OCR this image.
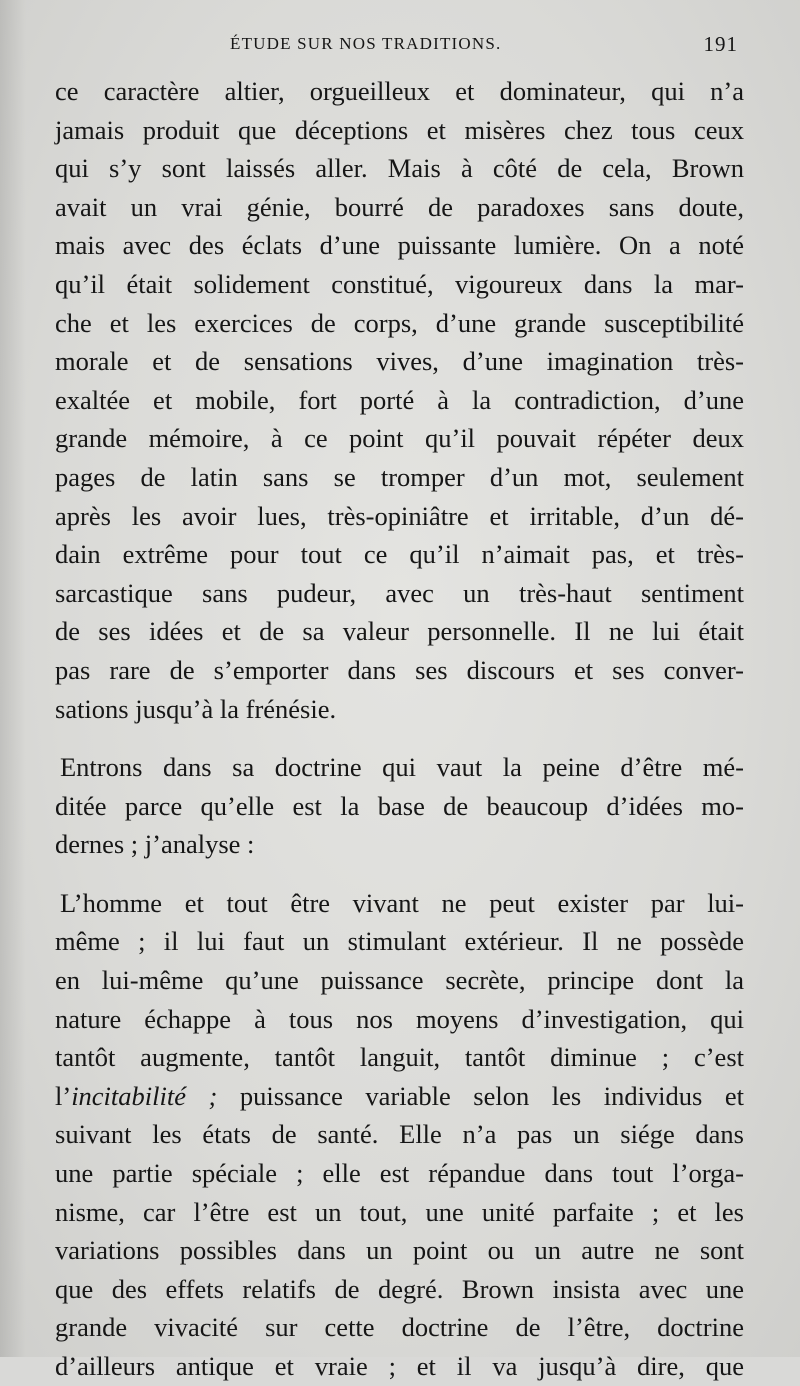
ÉTUDE SUR NOS TRADITIONS.	191
ce caractère altier, orgueilleux et dominateur, qui n’a
jamais produit que déceptions et misères chez tous ceux
qui s’y sont laissés aller. Mais à côté de cela, Brown
avait un vrai génie, bourré de paradoxes sans doute,
mais avec des éclats d’une puissante lumière. On a noté
qu’il était solidement constitué, vigoureux dans la mar-
che et les exercices de corps, d’une grande susceptibilité
morale et de sensations vives, d’une imagination très-
exaltée et mobile, fort porté à la contradiction, d’une
grande mémoire, à ce point qu’il pouvait répéter deux
pages de latin sans se tromper d’un mot, seulement
après les avoir lues, très-opiniâtre et irritable, d’un dé-
dain extrême pour tout ce qu’il n’aimait pas, et très-
sarcastique sans pudeur, avec un très-haut sentiment
de ses idées et de sa valeur personnelle. Il ne lui était
pas rare de s’emporter dans ses discours et ses conver-
sations jusqu’à la frénésie.
Entrons dans sa doctrine qui vaut la peine d’être mé-
ditée parce qu’elle est la base de beaucoup d’idées mo-
dernes ; j’analyse :
L’homme et tout être vivant ne peut exister par lui-
même ; il lui faut un stimulant extérieur. Il ne possède
en lui-même qu’une puissance secrète, principe dont la
nature échappe à tous nos moyens d’investigation, qui
tantôt augmente, tantôt languit, tantôt diminue ; c’est
l’incitabilité ; puissance variable selon les individus et
suivant les états de santé. Elle n’a pas un siége dans
une partie spéciale ; elle est répandue dans tout l’orga-
nisme, car l’être est un tout, une unité parfaite ; et les
variations possibles dans un point ou un autre ne sont
que des effets relatifs de degré. Brown insista avec une
grande vivacité sur cette doctrine de l’être, doctrine
d’ailleurs antique et vraie ; et il va jusqu’à dire, que
